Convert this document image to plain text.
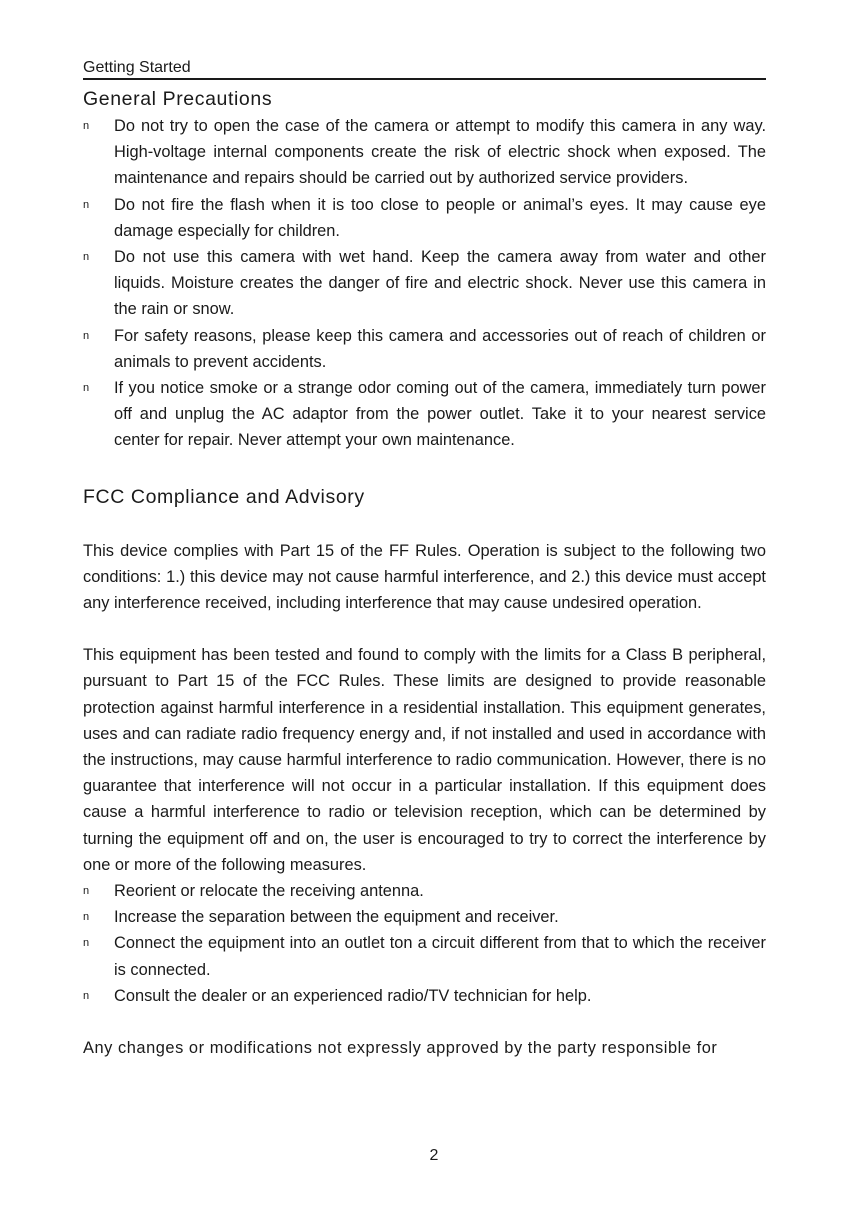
Getting Started
General Precautions
n Do not try to open the case of the camera or attempt to modify this camera in any way. High-voltage internal components create the risk of electric shock when exposed. The maintenance and repairs should be carried out by authorized service providers.
n Do not fire the flash when it is too close to people or animal’s eyes. It may cause eye damage especially for children.
n Do not use this camera with wet hand. Keep the camera away from water and other liquids. Moisture creates the danger of fire and electric shock. Never use this camera in the rain or snow.
n For safety reasons, please keep this camera and accessories out of reach of children or animals to prevent accidents.
n If you notice smoke or a strange odor coming out of the camera, immediately turn power off and unplug the AC adaptor from the power outlet. Take it to your nearest service center for repair. Never attempt your own maintenance.
FCC Compliance and Advisory

This device complies with Part 15 of the FF Rules. Operation is subject to the following two conditions: 1.) this device may not cause harmful interference, and 2.) this device must accept any interference received, including interference that may cause undesired operation.

This equipment has been tested and found to comply with the limits for a Class B peripheral, pursuant to Part 15 of the FCC Rules. These limits are designed to provide reasonable protection against harmful interference in a residential installation. This equipment generates, uses and can radiate radio frequency energy and, if not installed and used in accordance with the instructions, may cause harmful interference to radio communication. However, there is no guarantee that interference will not occur in a particular installation. If this equipment does cause a harmful interference to radio or television reception, which can be determined by turning the equipment off and on, the user is encouraged to try to correct the interference by one or more of the following measures.

n Reorient or relocate the receiving antenna.
n Increase the separation between the equipment and receiver.
n Connect the equipment into an outlet ton a circuit different from that to which the receiver is connected.
n Consult the dealer or an experienced radio/TV technician for help.

Any changes or modifications not expressly approved by the party responsible for

2
